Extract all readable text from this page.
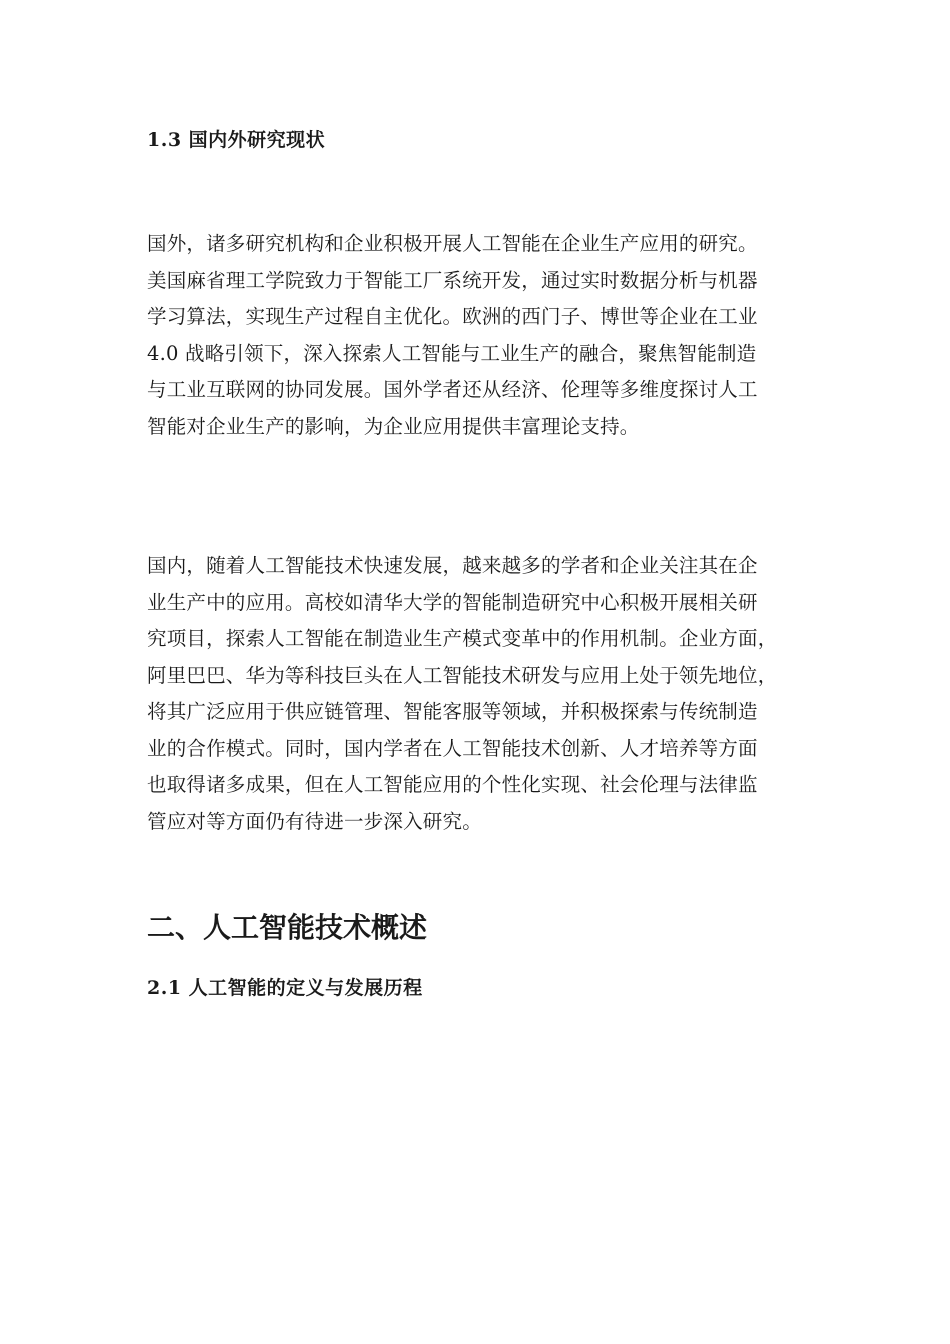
1.3 国内外研究现状
国外，诸多研究机构和企业积极开展人工智能在企业生产应用的研究。
美国麻省理工学院致力于智能工厂系统开发，通过实时数据分析与机器
学习算法，实现生产过程自主优化。欧洲的西门子、博世等企业在工业
4.0 战略引领下，深入探索人工智能与工业生产的融合，聚焦智能制造
与工业互联网的协同发展。国外学者还从经济、伦理等多维度探讨人工
智能对企业生产的影响，为企业应用提供丰富理论支持。
国内，随着人工智能技术快速发展，越来越多的学者和企业关注其在企
业生产中的应用。高校如清华大学的智能制造研究中心积极开展相关研
究项目，探索人工智能在制造业生产模式变革中的作用机制。企业方面，
阿里巴巴、华为等科技巨头在人工智能技术研发与应用上处于领先地位，
将其广泛应用于供应链管理、智能客服等领域，并积极探索与传统制造
业的合作模式。同时，国内学者在人工智能技术创新、人才培养等方面
也取得诸多成果，但在人工智能应用的个性化实现、社会伦理与法律监
管应对等方面仍有待进一步深入研究。
二、人工智能技术概述
2.1 人工智能的定义与发展历程
